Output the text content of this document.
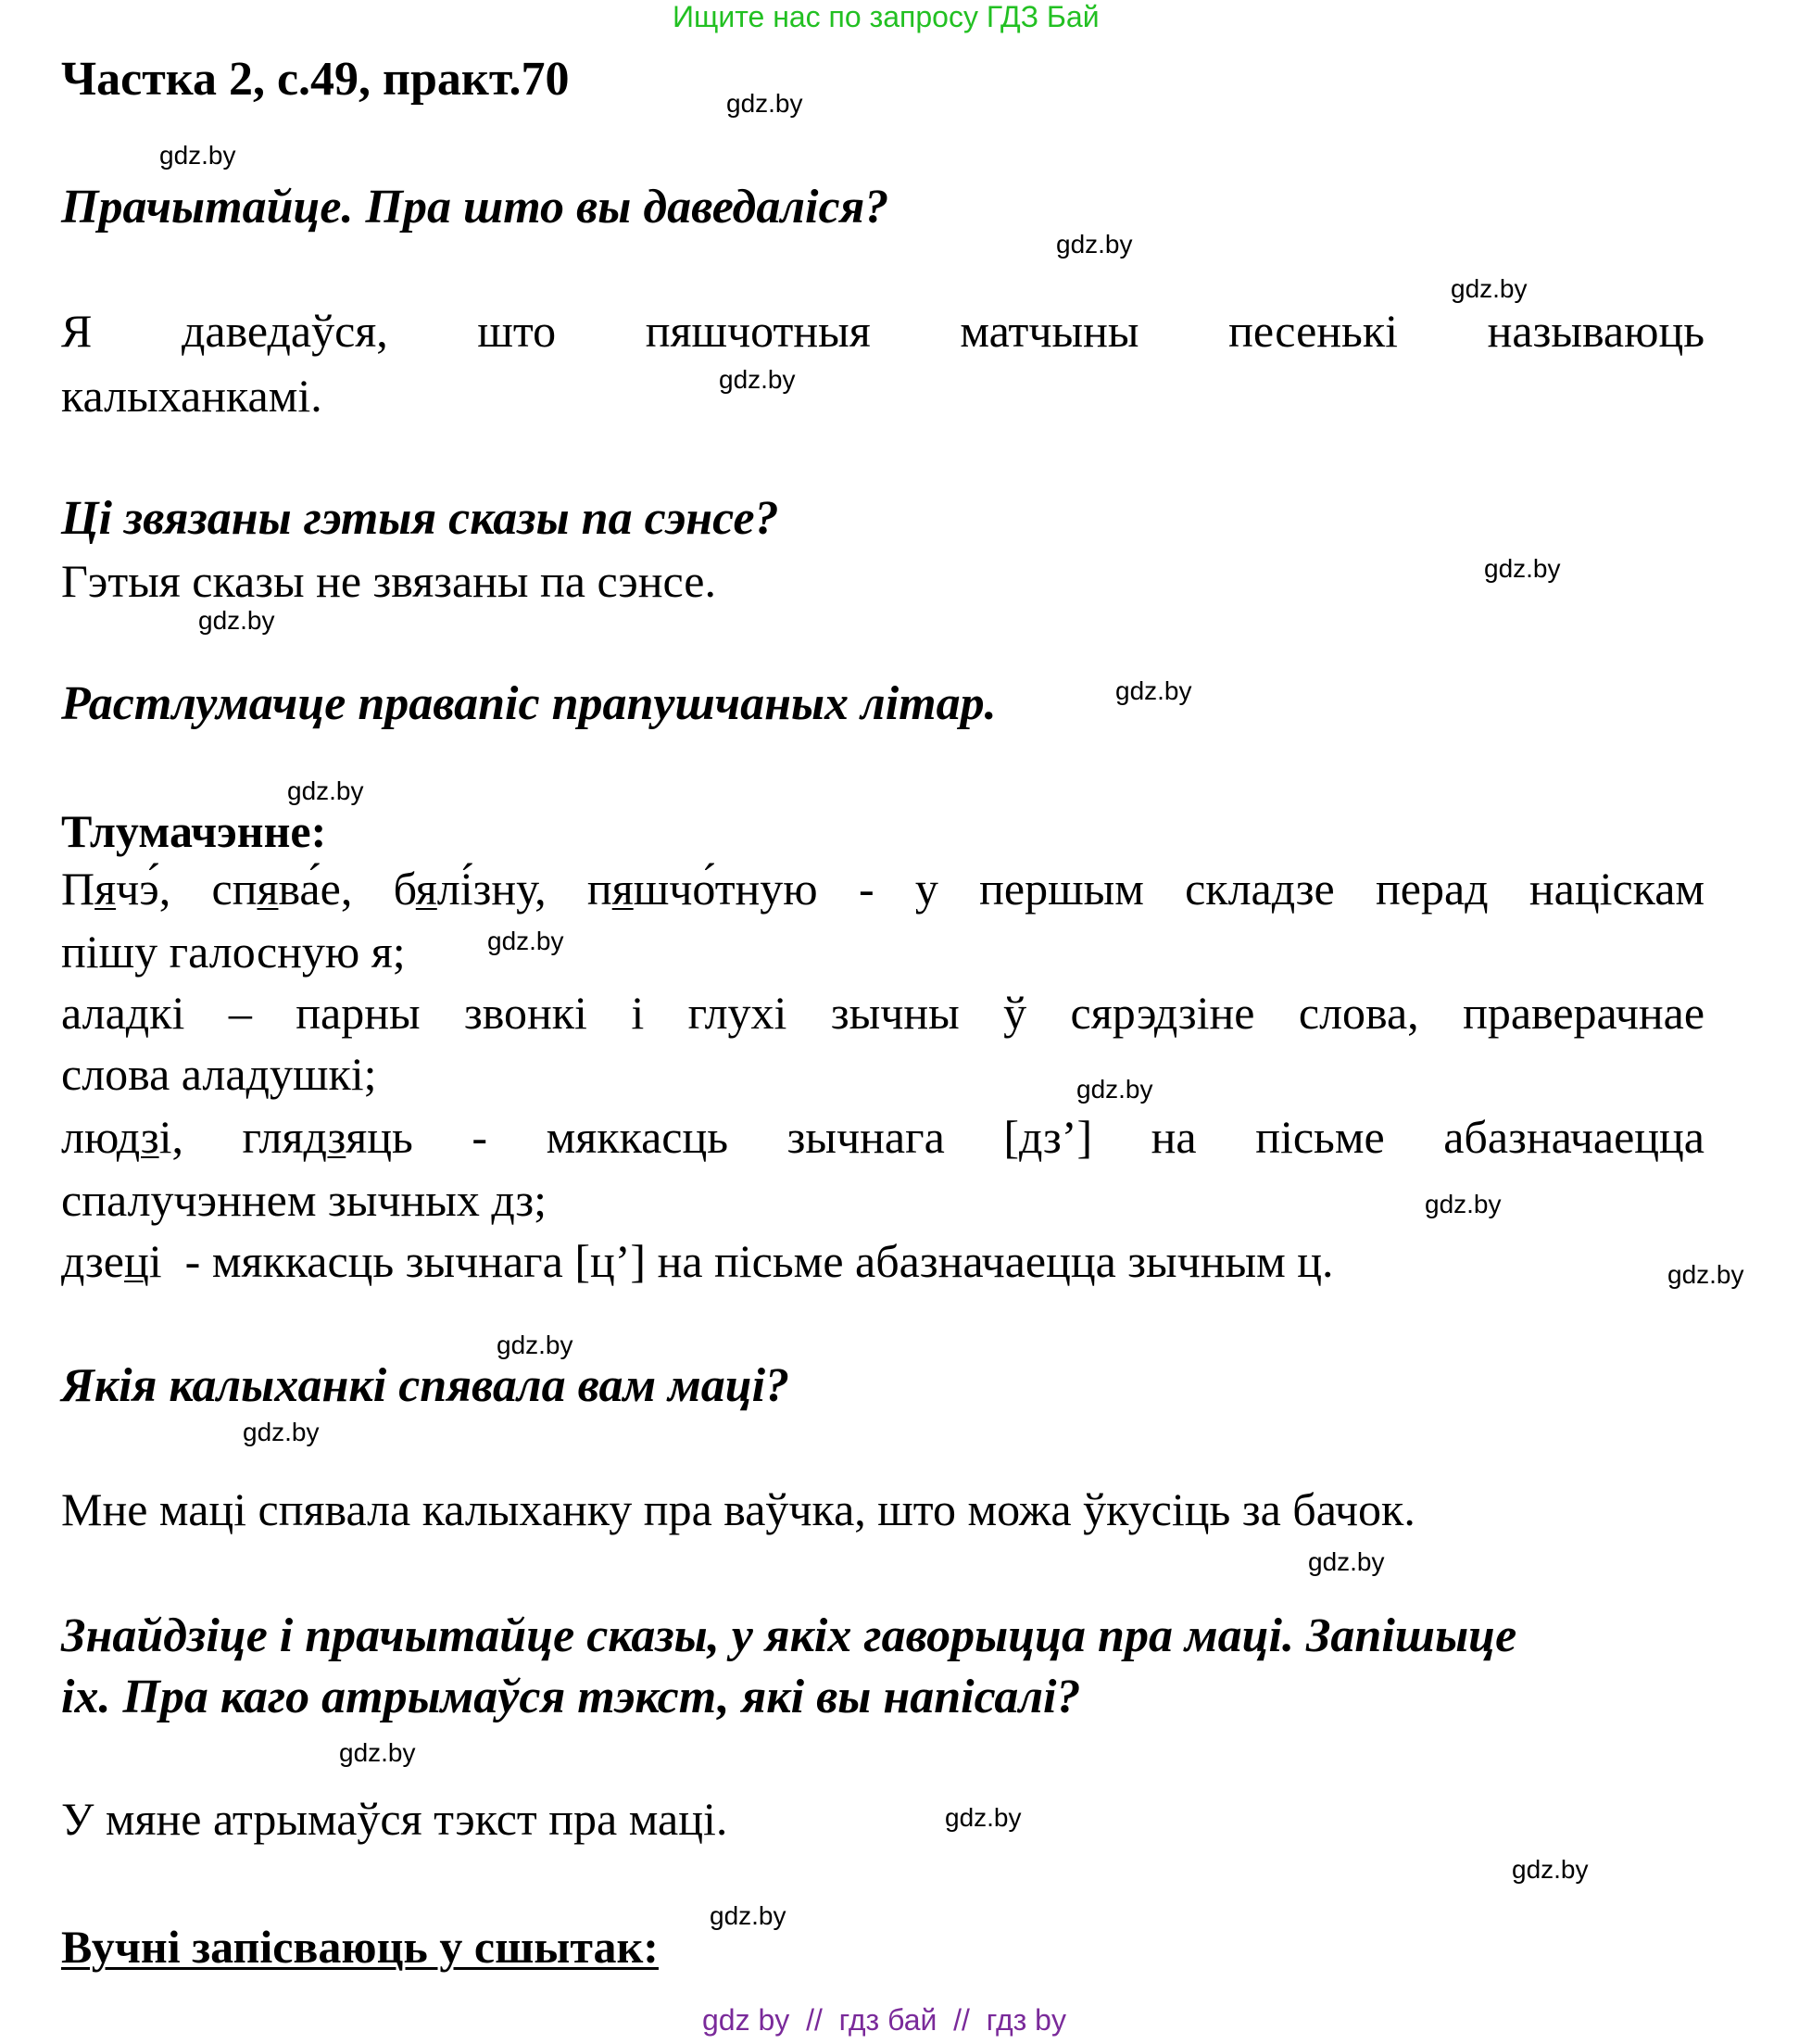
Ищите нас по запросу ГДЗ Бай
Частка 2, с.49, практ.70	gdz.by
gdz.by
gdz.by
gdz.by
gdz.by
gdz.by
gdz.by
gdz.by
gdz.by
gdz.by
gdz.by
gdz.by
gdz.by
gdz.by
gdz.by
gdz.by
gdz.by
gdz.by
gdz.by
gdz.by
Прачытайце. Пра што вы даведаліся?
Я даведаўся, што пяшчотныя матчыны песенькі называюць
калыханкамі.
Ці звязаны гэтыя сказы па сэнсе?
Гэтыя сказы не звязаны па сэнсе.
Растлумачце правапіс прапушчаных літар.
Тлумачэнне:
Пячэ ́, спява ́е, бялі ́зну, пяшчо ́тную - у першым складзе перад націскам
пішу галосную я;
аладкі – парны звонкі і глухі зычны ў сярэдзіне слова, праверачнае
слова аладушкі;
людзі, глядзяць - мяккасць зычнага [дз’] на пісьме абазначаецца
спалучэннем зычных дз;
дзеці - мяккасць зычнага [ц’] на пісьме абазначаецца зычным ц.
Якія калыханкі спявала вам маці?
Мне маці спявала калыханку пра ваўчка, што можа ўкусіць за бачок.
Знайдзіце і прачытайце сказы, у якіх гаворыцца пра маці. Запішыце
іх. Пра каго атрымаўся тэкст, які вы напісалі?
У мяне атрымаўся тэкст пра маці.
Вучні запісваюць у сшытак:
gdz by  //  гдз бай  //  гдз by
